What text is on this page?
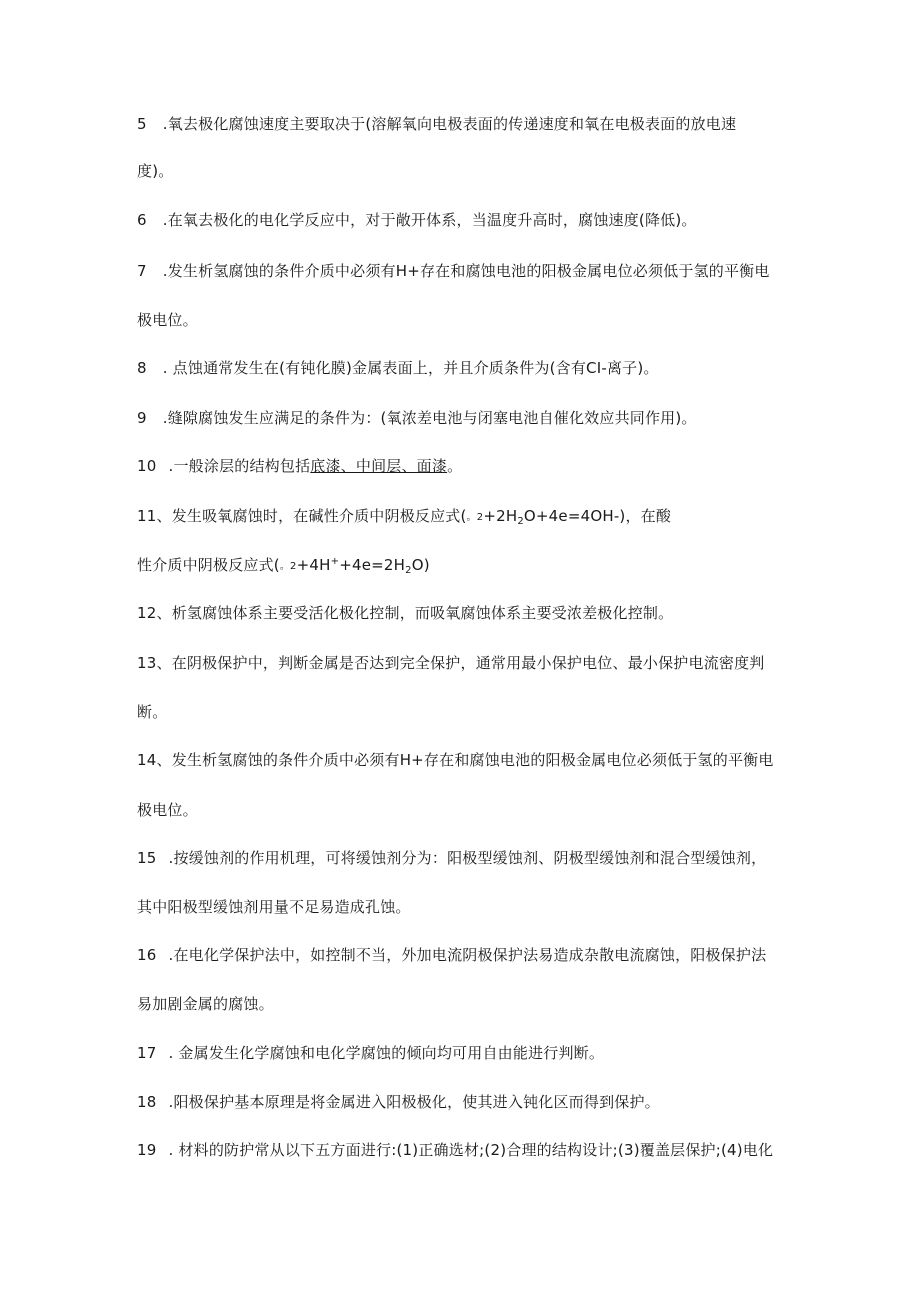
5 .氧去极化腐蚀速度主要取决于(溶解氧向电极表面的传递速度和氧在电极表面的放电速
度)。
6 .在氧去极化的电化学反应中，对于敞开体系，当温度升高时，腐蚀速度(降低)。
7 .发生析氢腐蚀的条件介质中必须有H+存在和腐蚀电池的阳极金属电位必须低于氢的平衡电
极电位。
8 . 点蚀通常发生在(有钝化膜)金属表面上，并且介质条件为(含有CI-离子)。
9 .缝隙腐蚀发生应满足的条件为：(氧浓差电池与闭塞电池自催化效应共同作用)。
10 .一般涂层的结构包括底漆、中间层、面漆。
11、发生吸氧腐蚀时，在碱性介质中阴极反应式(。$2+2H_2O+4e=4OH-$)，在酸
性介质中阴极反应式(。$2+4H^++4e=2H_2O$)
12、析氢腐蚀体系主要受活化极化控制，而吸氧腐蚀体系主要受浓差极化控制。
13、在阴极保护中，判断金属是否达到完全保护，通常用最小保护电位、最小保护电流密度判
断。
14、发生析氢腐蚀的条件介质中必须有H+存在和腐蚀电池的阳极金属电位必须低于氢的平衡电
极电位。
15 .按缓蚀剂的作用机理，可将缓蚀剂分为：阳极型缓蚀剂、阴极型缓蚀剂和混合型缓蚀剂，
其中阳极型缓蚀剂用量不足易造成孔蚀。
16 .在电化学保护法中，如控制不当，外加电流阴极保护法易造成杂散电流腐蚀，阳极保护法
易加剧金属的腐蚀。
17 . 金属发生化学腐蚀和电化学腐蚀的倾向均可用自由能进行判断。
18 .阳极保护基本原理是将金属进入阳极极化，使其进入钝化区而得到保护。
19 . 材料的防护常从以下五方面进行:(1)正确选材;(2)合理的结构设计;(3)覆盖层保护;(4)电化
